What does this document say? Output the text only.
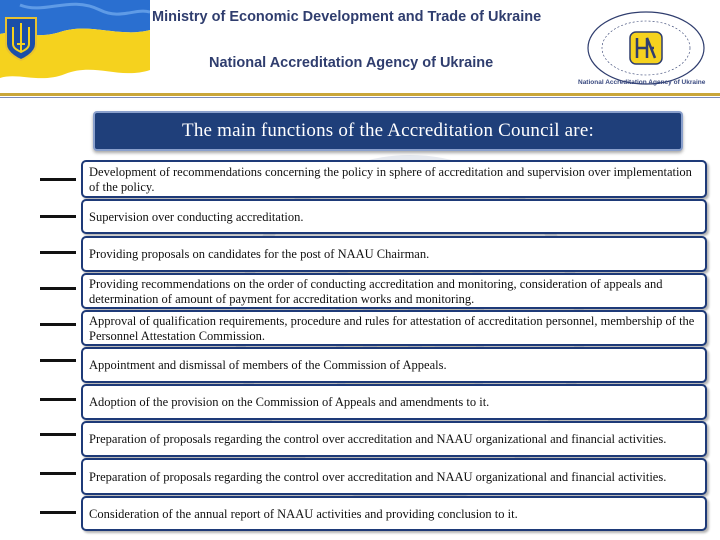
Ministry of Economic Development and Trade of Ukraine
National Accreditation Agency of Ukraine
National Accreditation Agency of Ukraine
The main functions of the Accreditation Council are:
Development of recommendations concerning the policy in sphere of accreditation and supervision over implementation of the policy.
Supervision over conducting accreditation.
Providing proposals on candidates for the post of NAAU Chairman.
Providing recommendations on the order of conducting accreditation and monitoring, consideration of appeals and determination of amount of payment for accreditation works and monitoring.
Approval of qualification requirements, procedure and rules for attestation of accreditation personnel, membership of the Personnel Attestation Commission.
Appointment and dismissal of members of the Commission of Appeals.
Adoption of the provision on the Commission of Appeals and amendments to it.
Preparation of proposals regarding the control over accreditation and NAAU organizational and financial activities.
Preparation of proposals regarding the control over accreditation and NAAU organizational and financial activities.
Consideration of the annual report of NAAU activities and providing conclusion to it.
